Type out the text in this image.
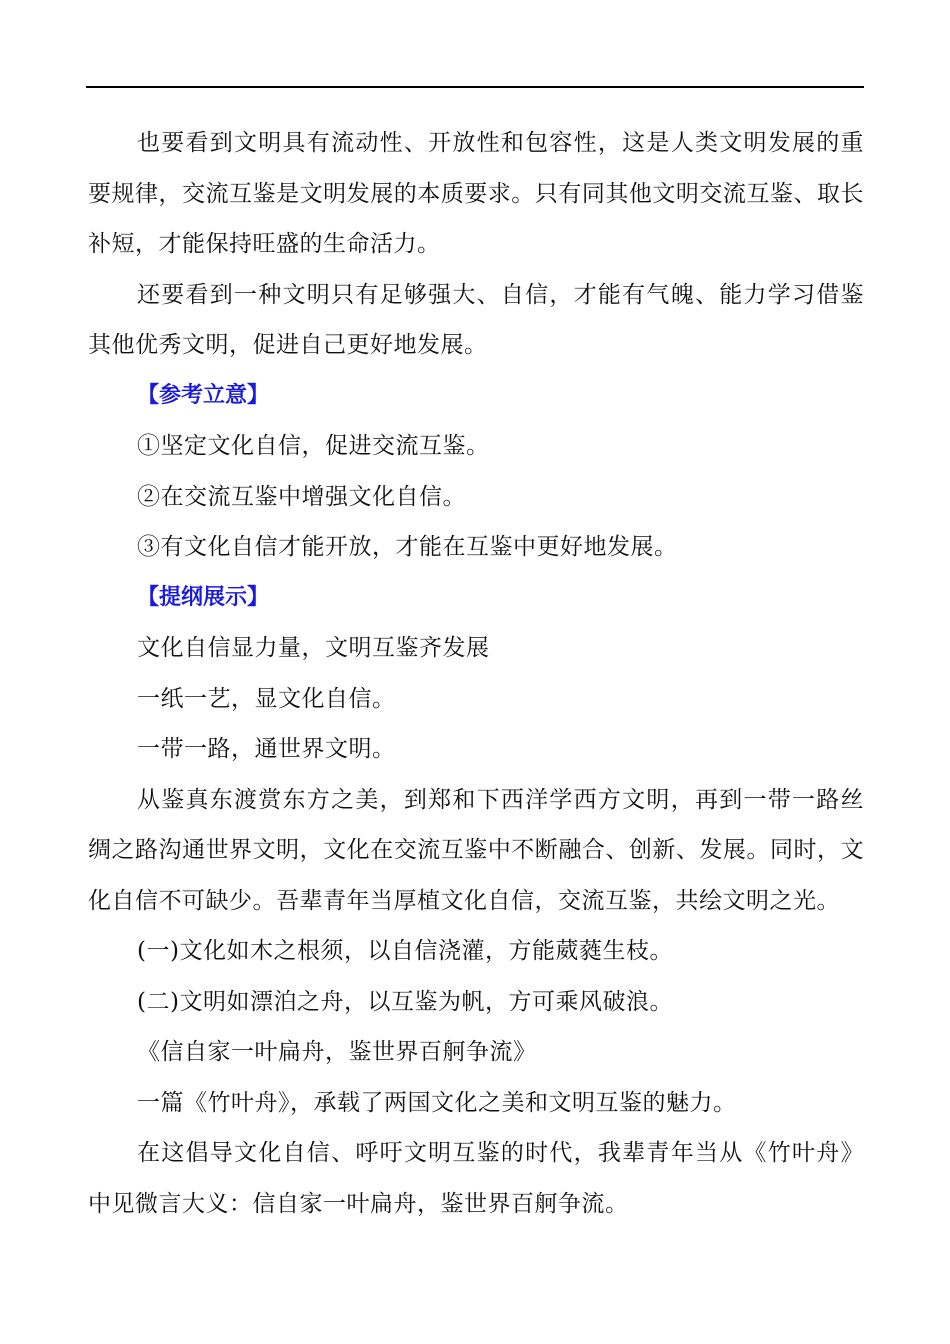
也要看到文明具有流动性、开放性和包容性，这是人类文明发展的重要规律，交流互鉴是文明发展的本质要求。只有同其他文明交流互鉴、取长补短，才能保持旺盛的生命活力。

还要看到一种文明只有足够强大、自信，才能有气魄、能力学习借鉴其他优秀文明，促进自己更好地发展。

【参考立意】

①坚定文化自信，促进交流互鉴。

②在交流互鉴中增强文化自信。

③有文化自信才能开放，才能在互鉴中更好地发展。

【提纲展示】

文化自信显力量，文明互鉴齐发展

一纸一艺，显文化自信。

一带一路，通世界文明。

从鉴真东渡赏东方之美，到郑和下西洋学西方文明，再到一带一路丝绸之路沟通世界文明，文化在交流互鉴中不断融合、创新、发展。同时，文化自信不可缺少。吾辈青年当厚植文化自信，交流互鉴，共绘文明之光。

(一)文化如木之根须，以自信浇灌，方能葳蕤生枝。

(二)文明如漂泊之舟，以互鉴为帆，方可乘风破浪。

《信自家一叶扁舟，鉴世界百舸争流》

一篇《竹叶舟》，承载了两国文化之美和文明互鉴的魅力。

在这倡导文化自信、呼吁文明互鉴的时代，我辈青年当从《竹叶舟》中见微言大义：信自家一叶扁舟，鉴世界百舸争流。
